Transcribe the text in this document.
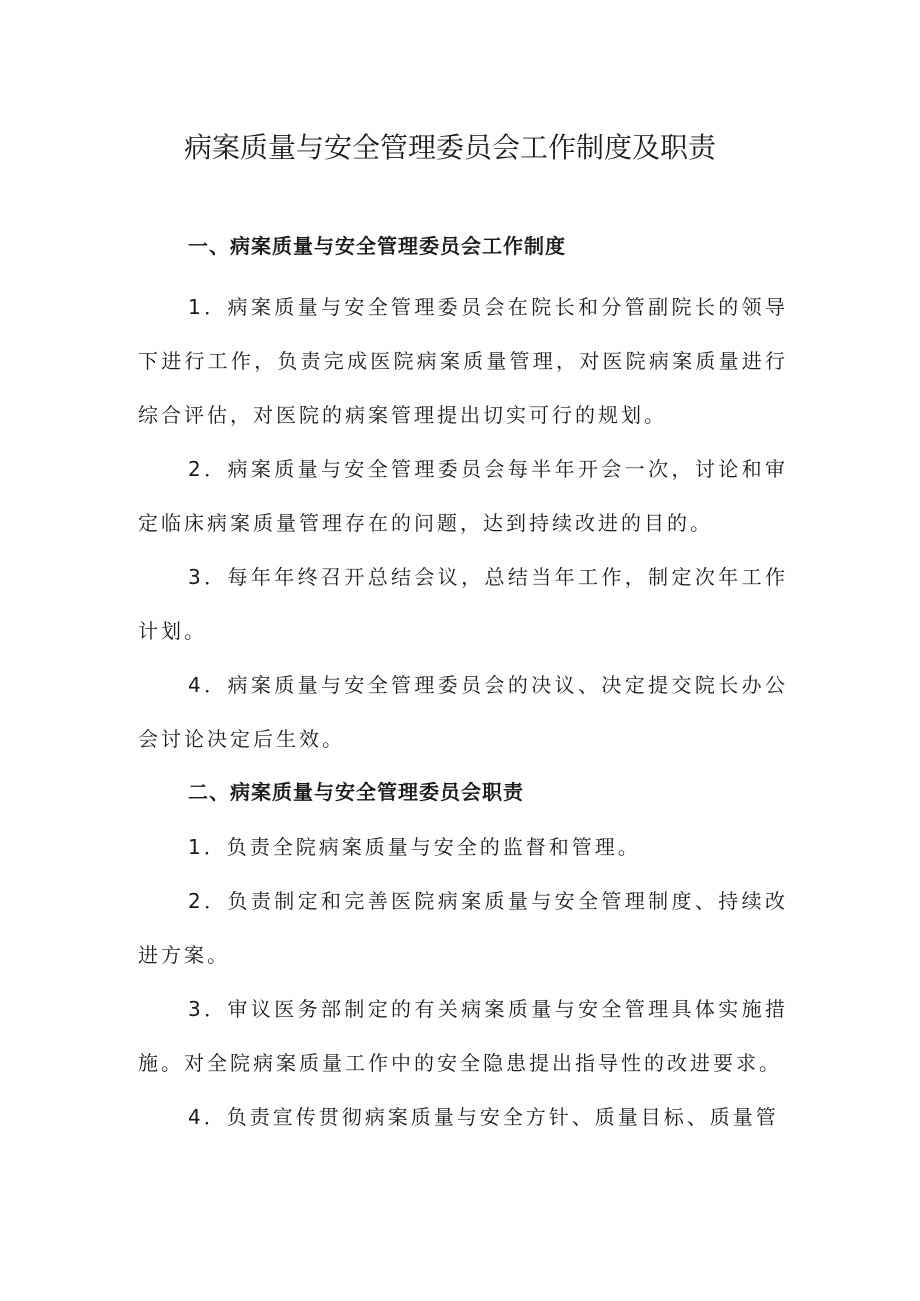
病案质量与安全管理委员会工作制度及职责
一、病案质量与安全管理委员会工作制度

1．病案质量与安全管理委员会在院长和分管副院长的领导下进行工作，负责完成医院病案质量管理，对医院病案质量进行综合评估，对医院的病案管理提出切实可行的规划。

2．病案质量与安全管理委员会每半年开会一次，讨论和审定临床病案质量管理存在的问题，达到持续改进的目的。

3．每年年终召开总结会议，总结当年工作，制定次年工作计划。

4．病案质量与安全管理委员会的决议、决定提交院长办公会讨论决定后生效。

二、病案质量与安全管理委员会职责

1．负责全院病案质量与安全的监督和管理。

2．负责制定和完善医院病案质量与安全管理制度、持续改进方案。

3．审议医务部制定的有关病案质量与安全管理具体实施措施。对全院病案质量工作中的安全隐患提出指导性的改进要求。

4．负责宣传贯彻病案质量与安全方针、质量目标、质量管
